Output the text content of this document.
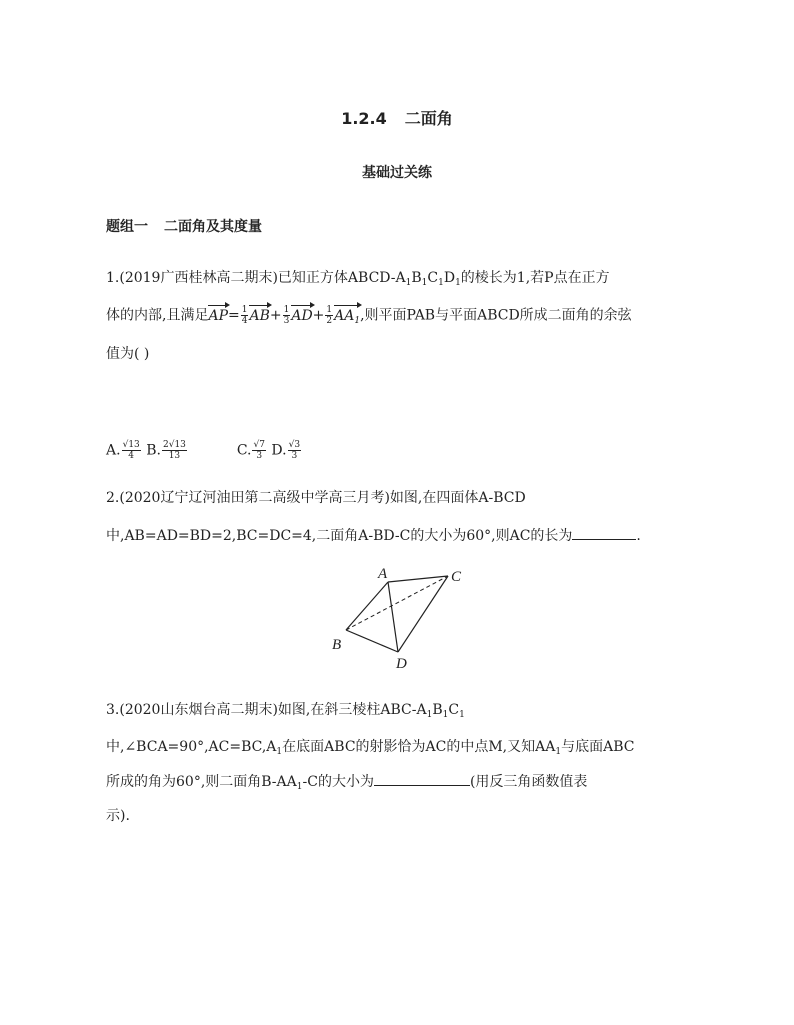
1.2.4 二面角
基础过关练
题组一 二面角及其度量
1.(2019广西桂林高二期末)已知正方体ABCD-$A_1B_1C_1D_1$的棱长为1,若P点在正方
体的内部,且满足$AP= \frac{1}{4} AB+ \frac{1}{3} AD+ \frac{1}{2} AA_1$,则平面PAB与平面ABCD所成二面角的余弦
值为( )
A. $\frac{√13}{4} B$. $\frac{2√13}{13}$	C. $\frac{√7}{3} D$. $\frac{√3}{3}$
2.(2020辽宁辽河油田第二高级中学高三月考)如图,在四面体A-BCD
中,AB=AD=BD=2,BC=DC=4,二面角A-BD-C的大小为60°,则AC的长为	.
A	C
B
D
3.(2020山东烟台高二期末)如图,在斜三棱柱ABC-$A_1B_1C_1$
中$,\angle BCA=90^\circ,AC=BC,A_1$在底面ABC的射影恰为AC的中点M,又知$AA_1$与底面ABC
所成的角为60°,则二面角$B-AA_1-C$的大小为	(用反三角函数值表
示).
